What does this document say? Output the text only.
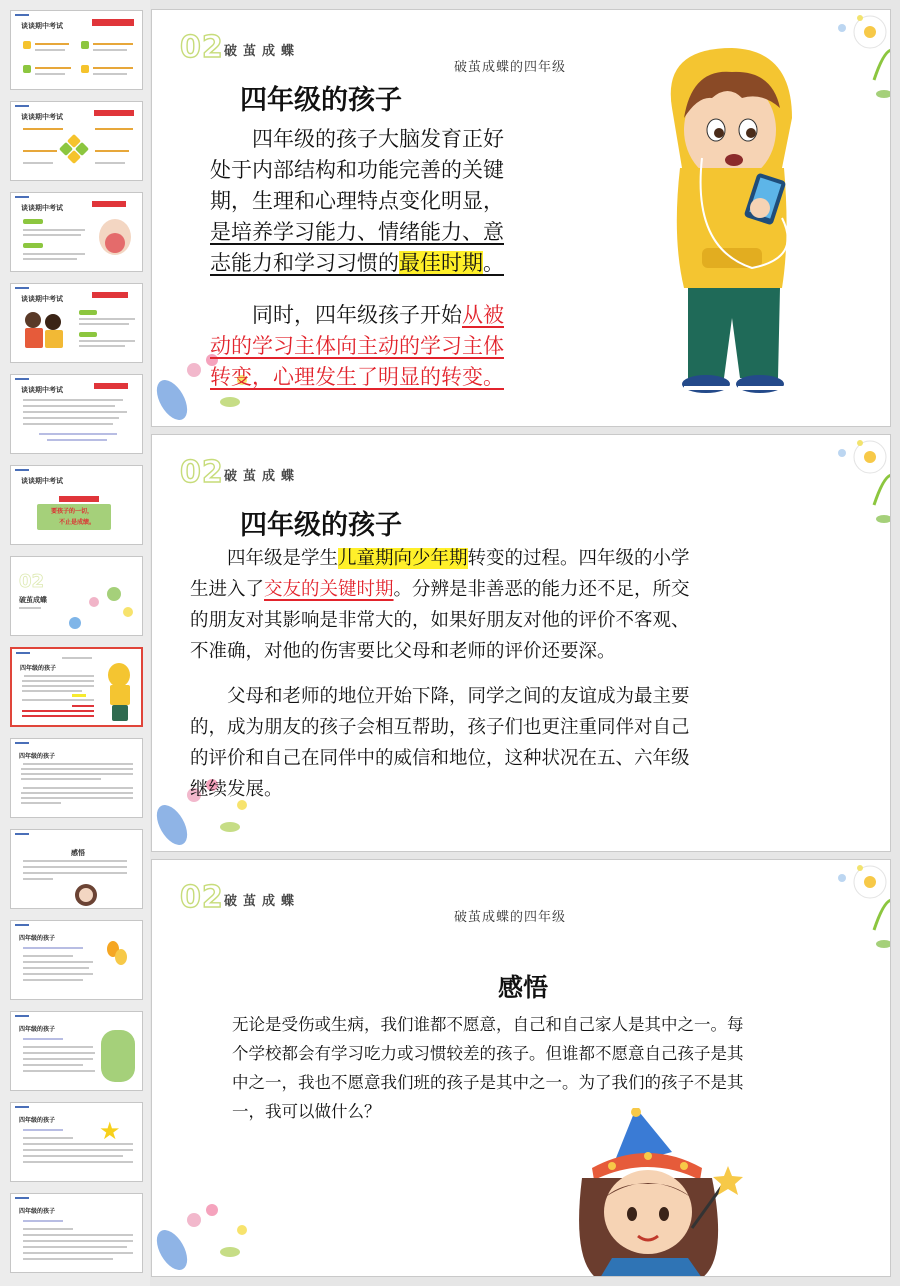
谈谈期中考试
谈谈期中考试
谈谈期中考试
谈谈期中考试
谈谈期中考试
谈谈期中考试
要孩子的一切，
不止是成绩。
02
破茧成蝶
四年级的孩子
四年级的孩子
感悟
四年级的孩子
四年级的孩子
四年级的孩子 ★
四年级的孩子
02 破茧成蝶
破茧成蝶的四年级
四年级的孩子
　　四年级的孩子大脑发育正好
处于内部结构和功能完善的关键
期，生理和心理特点变化明显，
是培养学习能力、情绪能力、意
志能力和学习习惯的最佳时期。
　　同时，四年级孩子开始从被
动的学习主体向主动的学习主体
转变，心理发生了明显的转变。
02 破茧成蝶
四年级的孩子
　　四年级是学生儿童期向少年期转变的过程。四年级的小学
生进入了交友的关键时期。分辨是非善恶的能力还不足，所交
的朋友对其影响是非常大的，如果好朋友对他的评价不客观、
不准确，对他的伤害要比父母和老师的评价还要深。
　　父母和老师的地位开始下降，同学之间的友谊成为最主要
的，成为朋友的孩子会相互帮助，孩子们也更注重同伴对自己
的评价和自己在同伴中的威信和地位，这种状况在五、六年级
继续发展。
02 破茧成蝶
破茧成蝶的四年级
感悟
无论是受伤或生病，我们谁都不愿意，自己和自己家人是其中之一。每
个学校都会有学习吃力或习惯较差的孩子。但谁都不愿意自己孩子是其
中之一，我也不愿意我们班的孩子是其中之一。为了我们的孩子不是其
一，我可以做什么？
